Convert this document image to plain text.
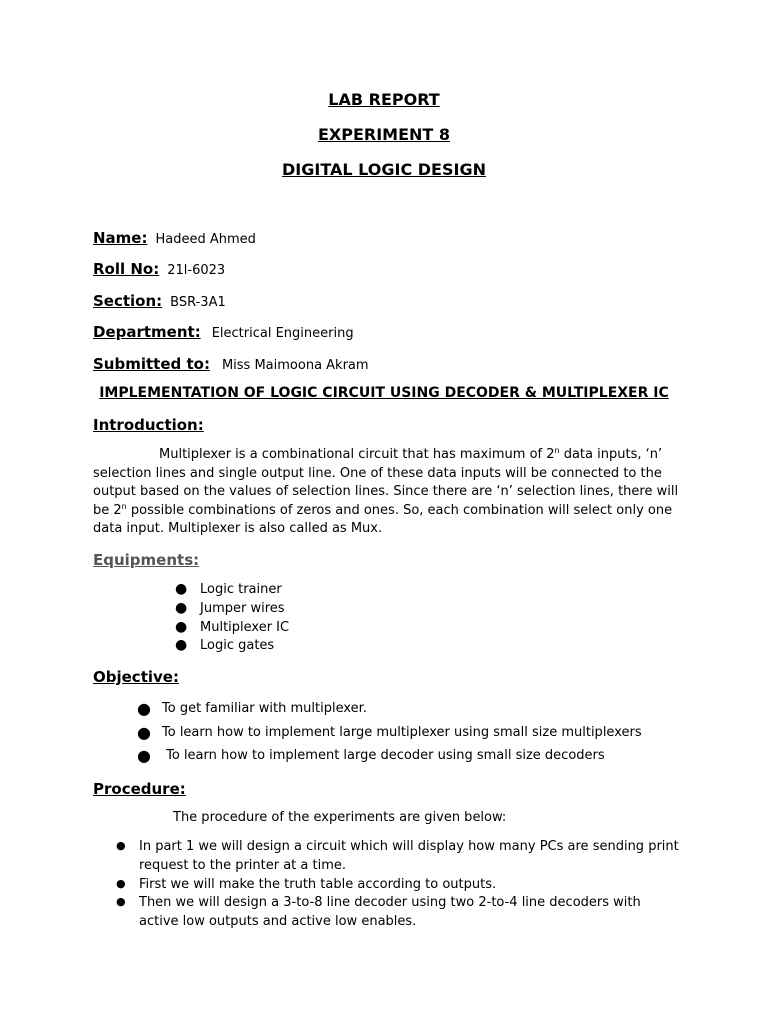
LAB REPORT
EXPERIMENT 8
DIGITAL LOGIC DESIGN
Name: Hadeed Ahmed
Roll No: 21l-6023
Section: BSR-3A1
Department: Electrical Engineering
Submitted to: Miss Maimoona Akram
IMPLEMENTATION OF LOGIC CIRCUIT USING DECODER & MULTIPLEXER IC
Introduction:
Multiplexer is a combinational circuit that has maximum of 2$^n$ data inputs, ‘n’ selection lines and single output line. One of these data inputs will be connected to the output based on the values of selection lines. Since there are ‘n’ selection lines, there will be 2$^n$ possible combinations of zeros and ones. So, each combination will select only one data input. Multiplexer is also called as Mux.
Equipments:
● Logic trainer
● Jumper wires
● Multiplexer IC
● Logic gates
Objective:
● To get familiar with multiplexer.
● To learn how to implement large multiplexer using small size multiplexers
● To learn how to implement large decoder using small size decoders
Procedure:
The procedure of the experiments are given below:
● In part 1 we will design a circuit which will display how many PCs are sending print request to the printer at a time.
● First we will make the truth table according to outputs.
● Then we will design a 3-to-8 line decoder using two 2-to-4 line decoders with active low outputs and active low enables.
